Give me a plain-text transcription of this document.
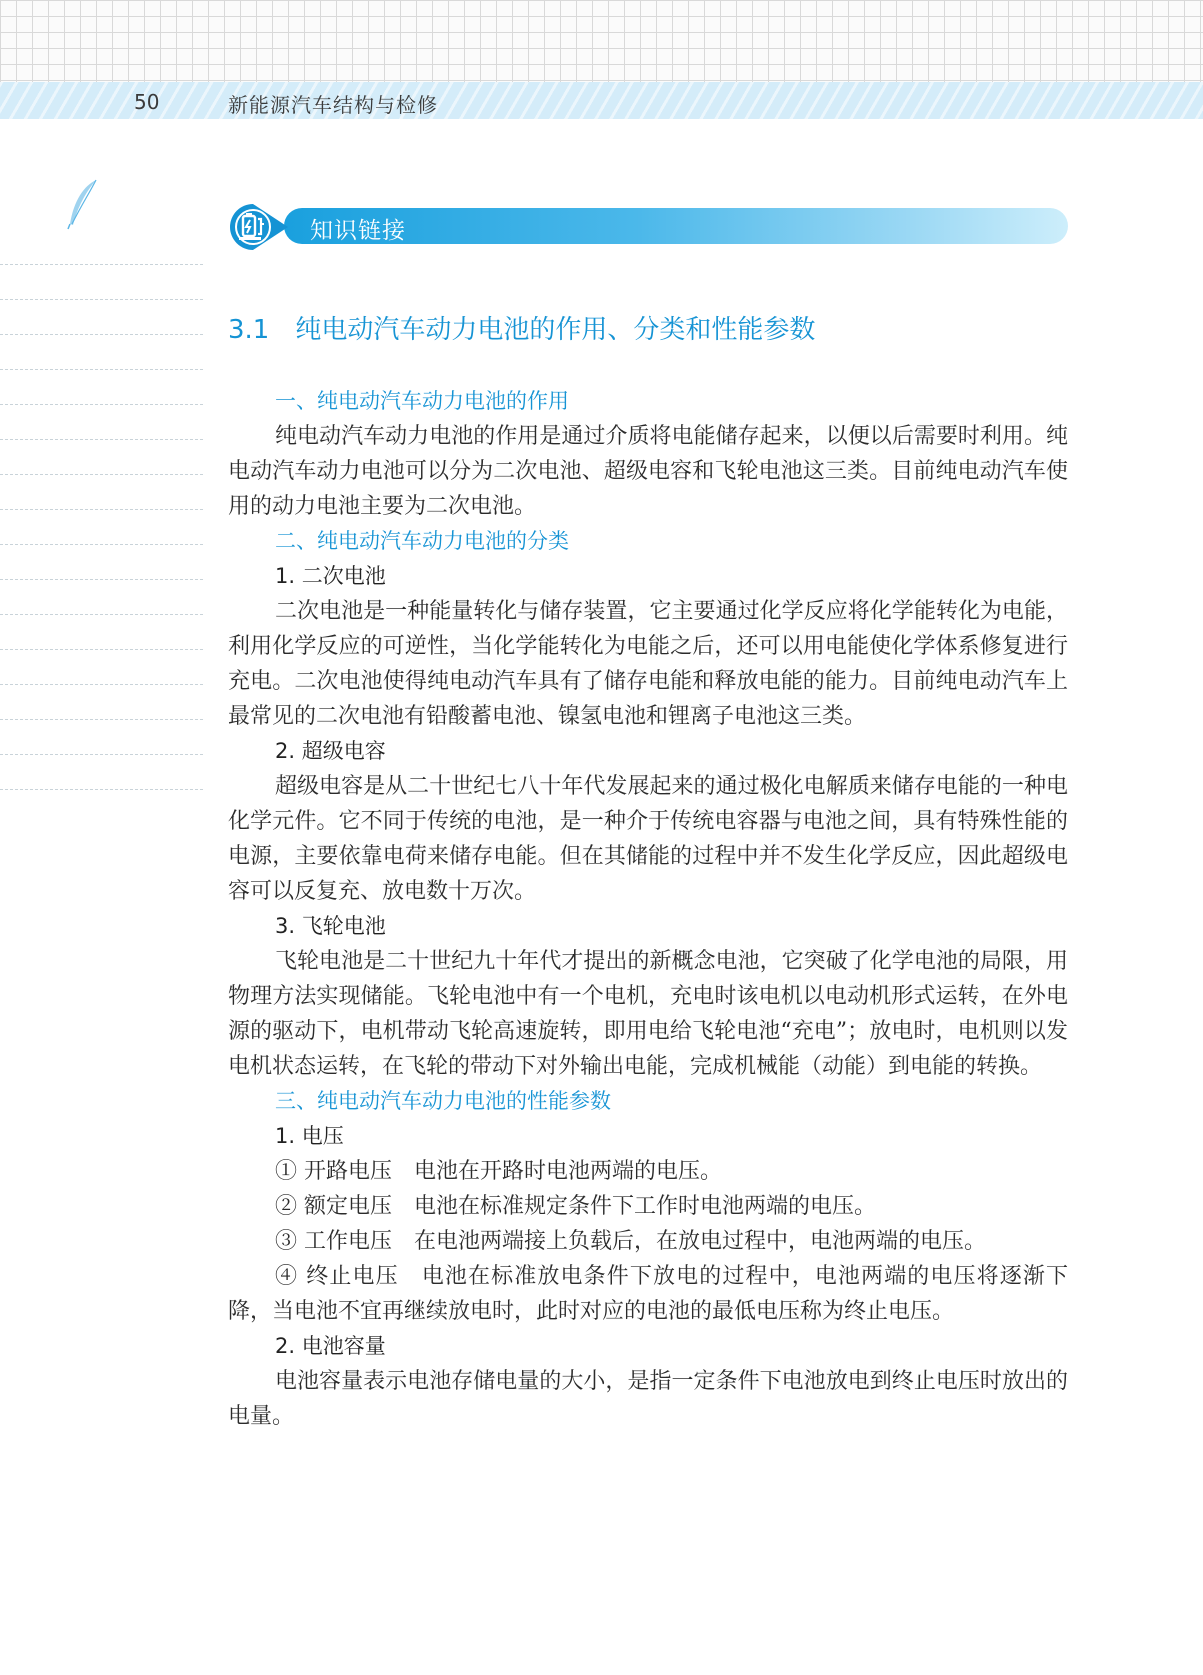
50	新能源汽车结构与检修
知识链接
3.1 纯电动汽车动力电池的作用、分类和性能参数
一、纯电动汽车动力电池的作用

纯电动汽车动力电池的作用是通过介质将电能储存起来，以便以后需要时利用。纯电动汽车动力电池可以分为二次电池、超级电容和飞轮电池这三类。目前纯电动汽车使用的动力电池主要为二次电池。

二、纯电动汽车动力电池的分类
1. 二次电池

二次电池是一种能量转化与储存装置，它主要通过化学反应将化学能转化为电能，利用化学反应的可逆性，当化学能转化为电能之后，还可以用电能使化学体系修复进行充电。二次电池使得纯电动汽车具有了储存电能和释放电能的能力。目前纯电动汽车上最常见的二次电池有铅酸蓄电池、镍氢电池和锂离子电池这三类。

2. 超级电容

超级电容是从二十世纪七八十年代发展起来的通过极化电解质来储存电能的一种电化学元件。它不同于传统的电池，是一种介于传统电容器与电池之间，具有特殊性能的电源，主要依靠电荷来储存电能。但在其储能的过程中并不发生化学反应，因此超级电容可以反复充、放电数十万次。

3. 飞轮电池

飞轮电池是二十世纪九十年代才提出的新概念电池，它突破了化学电池的局限，用物理方法实现储能。飞轮电池中有一个电机，充电时该电机以电动机形式运转，在外电源的驱动下，电机带动飞轮高速旋转，即用电给飞轮电池“充电”；放电时，电机则以发电机状态运转，在飞轮的带动下对外输出电能，完成机械能（动能）到电能的转换。

三、纯电动汽车动力电池的性能参数
1. 电压

① 开路电压　电池在开路时电池两端的电压。

② 额定电压　电池在标准规定条件下工作时电池两端的电压。

③ 工作电压　在电池两端接上负载后，在放电过程中，电池两端的电压。

④ 终止电压　电池在标准放电条件下放电的过程中，电池两端的电压将逐渐下降，当电池不宜再继续放电时，此时对应的电池的最低电压称为终止电压。

2. 电池容量

电池容量表示电池存储电量的大小，是指一定条件下电池放电到终止电压时放出的电量。
